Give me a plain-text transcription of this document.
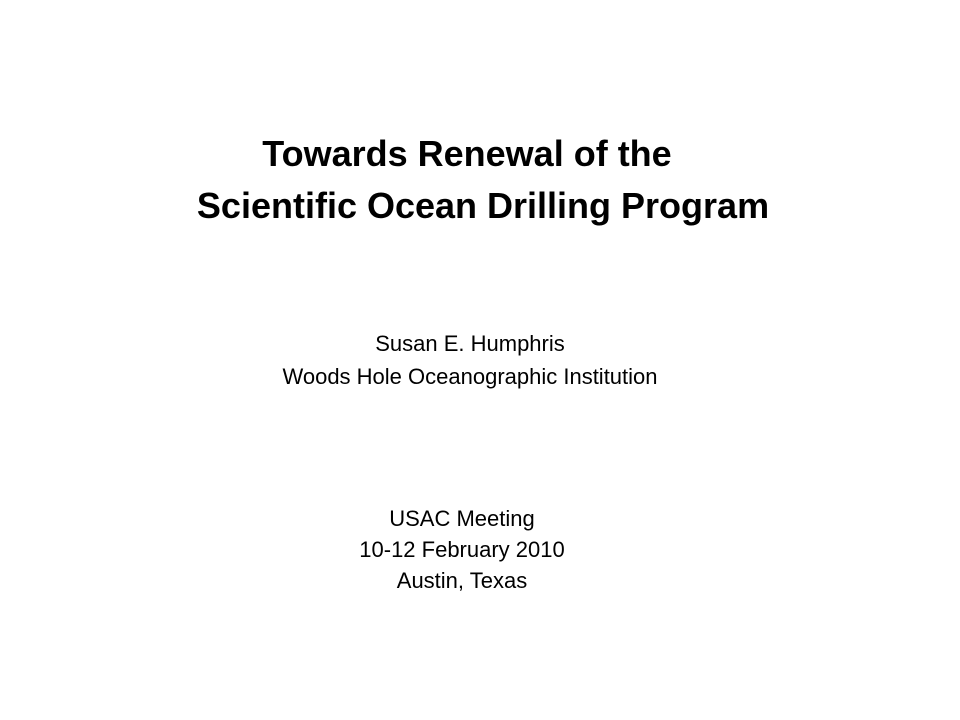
Towards Renewal of the
Scientific Ocean Drilling Program
Susan E. Humphris
Woods Hole Oceanographic Institution
USAC Meeting
10-12 February 2010
Austin, Texas
